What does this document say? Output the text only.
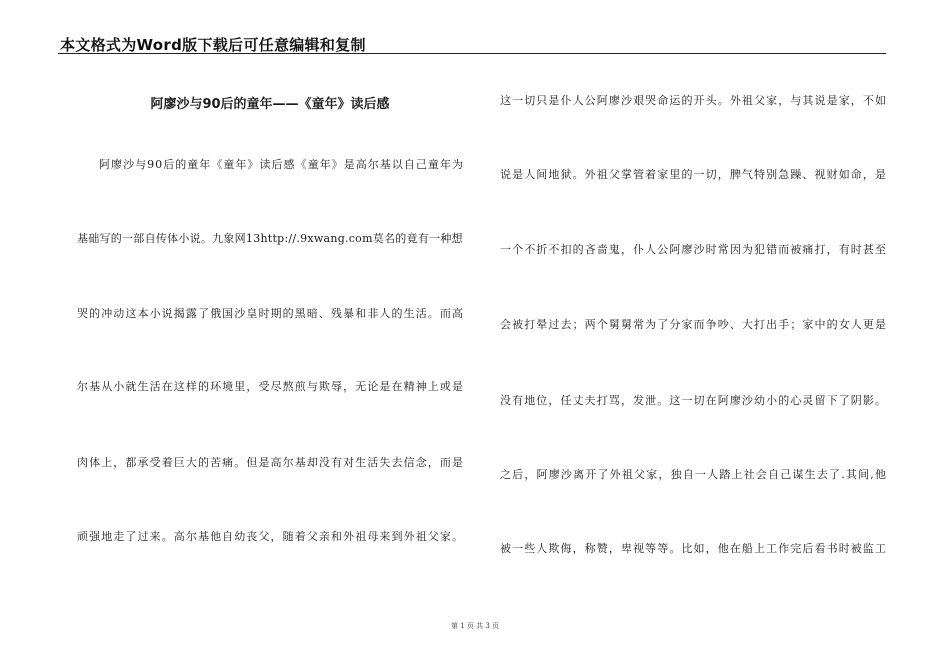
本文格式为Word版下载后可任意编辑和复制
阿廖沙与90后的童年——《童年》读后感
阿廖沙与90后的童年《童年》读后感《童年》是高尔基以自己童年为
基础写的一部自传体小说。九象网13http://.9xwang.com莫名的竟有一种想
哭的冲动这本小说揭露了俄国沙皇时期的黑暗、残暴和非人的生活。而高
尔基从小就生活在这样的环境里，受尽熬煎与欺辱，无论是在精神上或是
肉体上，都承受着巨大的苦痛。但是高尔基却没有对生活失去信念，而是
顽强地走了过来。高尔基他自幼丧父，随着父亲和外祖母来到外祖父家。
这一切只是仆人公阿廖沙艰哭命运的开头。外祖父家，与其说是家，不如
说是人间地狱。外祖父掌管着家里的一切，脾气特别急躁、视财如命，是
一个不折不扣的吝啬鬼，仆人公阿廖沙时常因为犯错而被痛打，有时甚至
会被打晕过去；两个舅舅常为了分家而争吵、大打出手；家中的女人更是
没有地位，任丈夫打骂，发泄。这一切在阿廖沙幼小的心灵留下了阴影。
之后，阿廖沙离开了外祖父家，独自一人踏上社会自己谋生去了.其间,他
被一些人欺侮，称赞，卑视等等。比如，他在船上工作完后看书时被监工
第 1 页 共 3 页
